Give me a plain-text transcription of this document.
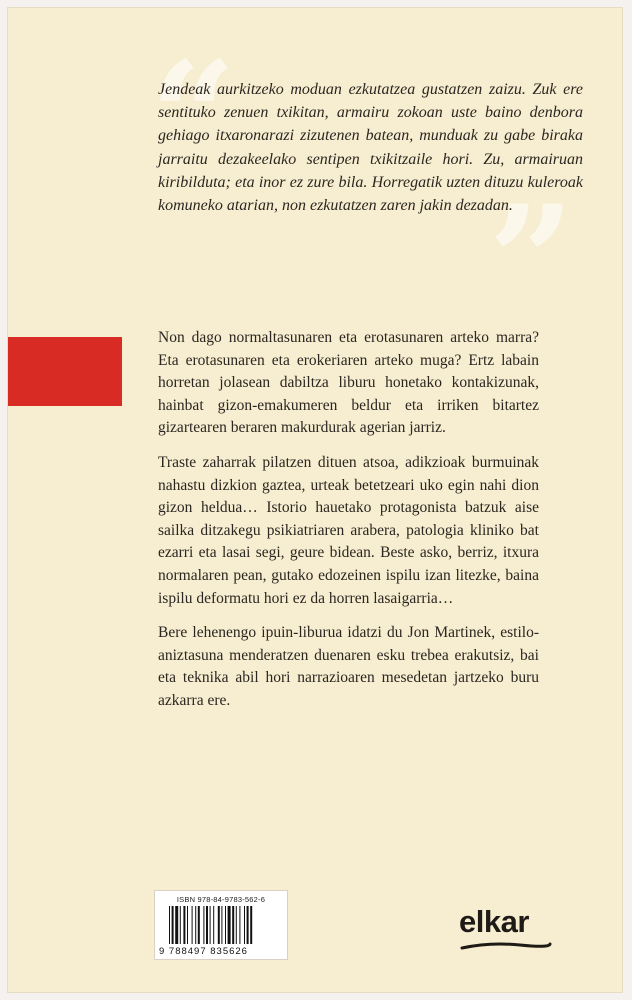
“
”

Jendeak aurkitzeko moduan ezkutatzea gustatzen zaizu. Zuk ere sentituko zenuen txikitan, armairu zokoan uste baino denbora gehiago itxaronarazi zizutenen batean, munduak zu gabe biraka jarraitu dezakeelako sentipen txikitzaile hori. Zu, armairuan kiribilduta; eta inor ez zure bila. Horregatik uzten dituzu kuleroak komuneko atarian, non ezkutatzen zaren jakin dezadan.

Non dago normaltasunaren eta erotasunaren arteko marra? Eta erotasunaren eta erokeriaren arteko muga? Ertz labain horretan jolasean dabiltza liburu honetako kontakizunak, hainbat gizon-emakumeren beldur eta irriken bitartez gizartearen beraren makurdurak agerian jarriz.

Traste zaharrak pilatzen dituen atsoa, adikzioak burmuinak nahastu dizkion gaztea, urteak betetzeari uko egin nahi dion gizon heldua… Istorio hauetako protagonista batzuk aise sailka ditzakegu psikiatriaren arabera, patologia kliniko bat ezarri eta lasai segi, geure bidean. Beste asko, berriz, itxura normalaren pean, gutako edozeinen ispilu izan litezke, baina ispilu deformatu hori ez da horren lasaigarria…

Bere lehenengo ipuin-liburua idatzi du Jon Martinek, estilo-aniztasuna menderatzen duenaren esku trebea erakutsiz, bai eta teknika abil hori narrazioaren mesedetan jartzeko buru azkarra ere.

ISBN 978-84-9783-562-6
9 788497 835626
elkar
